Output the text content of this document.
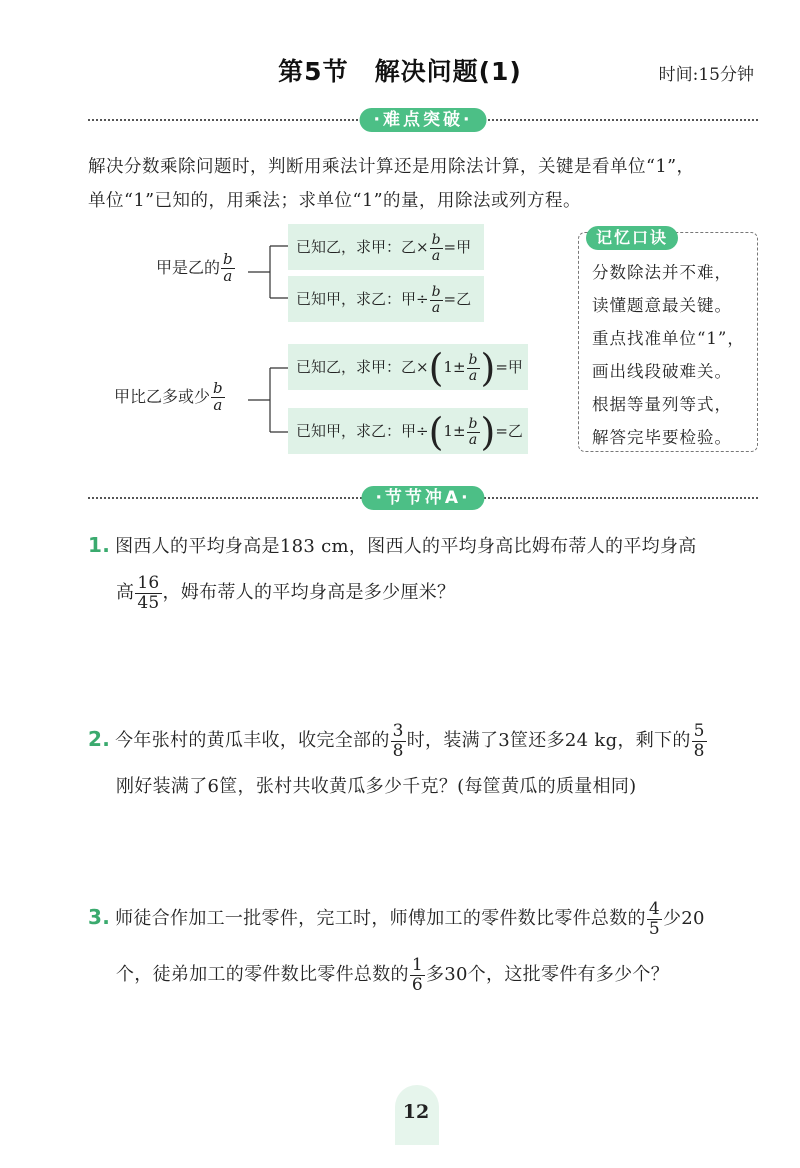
第5节 解决问题(1)	时间:15分钟
·难点突破·
解决分数乘除问题时，判断用乘法计算还是用除法计算，关键是看单位“1”，
单位“1”已知的，用乘法；求单位“1”的量，用除法或列方程。
甲是乙的 $\frac{b}{a}$
甲比乙多或少 $\frac{b}{a}$
已知乙，求甲：乙× $\frac{b}{a}$ =甲
已知甲，求乙：甲÷ $\frac{b}{a}$ =乙
已知乙，求甲：乙$\times(1\pm \frac{b}{a}$ )=甲
已知甲，求乙：甲$\div(1\pm \frac{b}{a}$ )=乙
记忆口诀
分数除法并不难，
读懂题意最关键。
重点找准单位“1”，
画出线段破难关。
根据等量列等式，
解答完毕要检验。
·节节冲A·
1. 图西人的平均身高是183 cm，图西人的平均身高比姆布蒂人的平均身高
高 $\frac{16}{45}$ ，姆布蒂人的平均身高是多少厘米？
2. 今年张村的黄瓜丰收，收完全部的 $\frac{3}{8}$ 时，装满了3筐还多24 kg，剩下的 $\frac{5}{8}$
刚好装满了6筐，张村共收黄瓜多少千克？(每筐黄瓜的质量相同)
3. 师徒合作加工一批零件，完工时，师傅加工的零件数比零件总数的 $\frac{4}{5}$ 少20
个，徒弟加工的零件数比零件总数的 $\frac{1}{6}$ 多30个，这批零件有多少个？
12
